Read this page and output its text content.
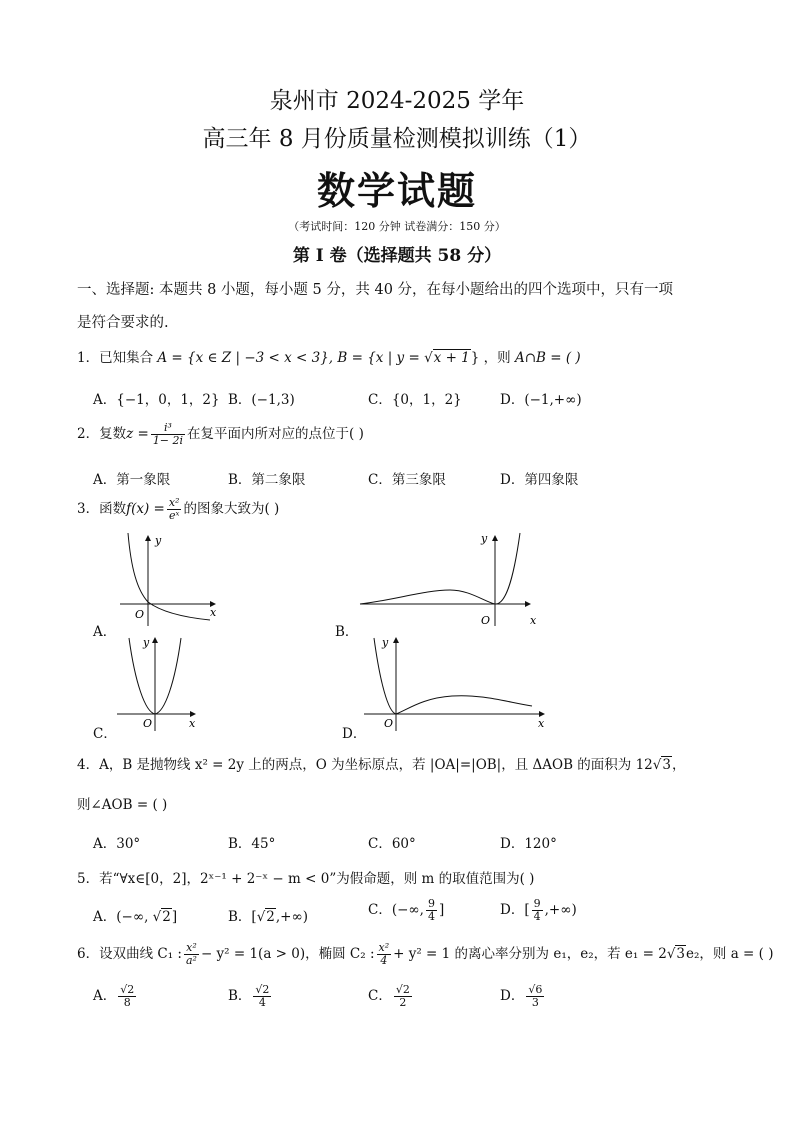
泉州市 2024-2025 学年
高三年 8 月份质量检测模拟训练（1）
数学试题
（考试时间：120 分钟 试卷满分：150 分）
第 I 卷（选择题共 58 分）
一、选择题: 本题共 8 小题，每小题 5 分，共 40 分，在每小题给出的四个选项中，只有一项
是符合要求的.
1．已知集合 A = {x ∈ Z | −3 < x < 3}, B = {x | y = √x + 1} ，则 A∩B = ( )
A．{−1，0，1，2} B．(−1,3)	C．{0，1，2}	D．(−1,+∞)
2．复数$z = \frac{\text{i³}}{1- 2i}$ 在复平面内所对应的点位于( )
A．第一象限	B．第二象限	C．第三象限	D．第四象限
3．函数$f(x) = \frac{\text{x²}}{\text{eˣ}}$ 的图象大致为( )
A．
y
x
O
B．
y
x
O
C．
y
x
O
D．
y
x
O
4．A，B 是抛物线 x² = 2y 上的两点，O 为坐标原点，若 |OA|=|OB|，且 ΔAOB 的面积为 12√3，
则∠AOB = ( )
A．30°	B．45°	C．60°	D．120°
5．若“∀x∈[0，2]，2ˣ⁻¹ + 2⁻ˣ − m < 0”为假命题，则 m 的取值范围为( )
A．(−∞, √2]	B．[√2,+∞)	C．(−∞, $\frac{9}{4}$ ]	D．[ $\frac{9}{4}$ ,+∞)
6．设双曲线 C₁ : $\frac{\text{x²}}{\text{a²}} - y^2 = 1(a > 0)$，椭圆 C₂ : $\frac{\text{x²}}{4} + y^2 = 1$ 的离心率分别为 e₁，e₂，若 e₁ = 2√3e₂，则 a = ( )
A． $\frac{√2}{8}$	B． $\frac{√2}{4}$	C． $\frac{√2}{2}$	D． $\frac{√6}{3}$
